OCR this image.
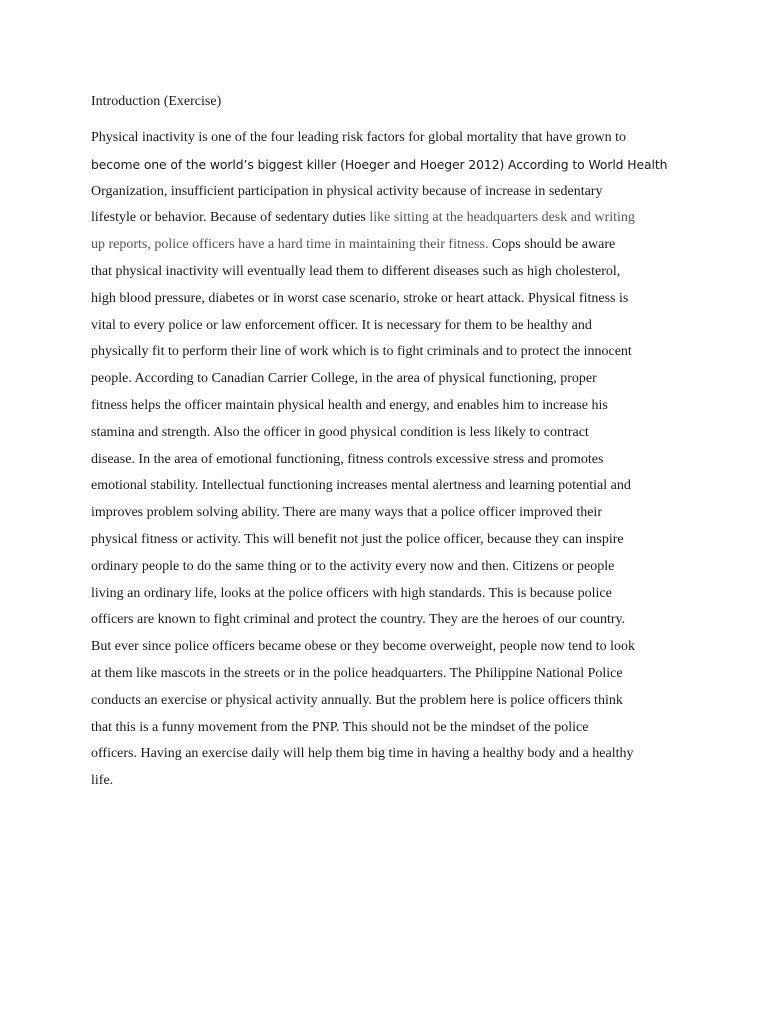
Introduction (Exercise)
Physical inactivity is one of the four leading risk factors for global mortality that have grown to
become one of the world’s biggest killer (Hoeger and Hoeger 2012) According to World Health
Organization, insufficient participation in physical activity because of increase in sedentary
lifestyle or behavior. Because of sedentary duties like sitting at the headquarters desk and writing
up reports, police officers have a hard time in maintaining their fitness. Cops should be aware
that physical inactivity will eventually lead them to different diseases such as high cholesterol,
high blood pressure, diabetes or in worst case scenario, stroke or heart attack. Physical fitness is
vital to every police or law enforcement officer. It is necessary for them to be healthy and
physically fit to perform their line of work which is to fight criminals and to protect the innocent
people. According to Canadian Carrier College, in the area of physical functioning, proper
fitness helps the officer maintain physical health and energy, and enables him to increase his
stamina and strength. Also the officer in good physical condition is less likely to contract
disease. In the area of emotional functioning, fitness controls excessive stress and promotes
emotional stability. Intellectual functioning increases mental alertness and learning potential and
improves problem solving ability. There are many ways that a police officer improved their
physical fitness or activity. This will benefit not just the police officer, because they can inspire
ordinary people to do the same thing or to the activity every now and then. Citizens or people
living an ordinary life, looks at the police officers with high standards. This is because police
officers are known to fight criminal and protect the country. They are the heroes of our country.
But ever since police officers became obese or they become overweight, people now tend to look
at them like mascots in the streets or in the police headquarters. The Philippine National Police
conducts an exercise or physical activity annually. But the problem here is police officers think
that this is a funny movement from the PNP. This should not be the mindset of the police
officers. Having an exercise daily will help them big time in having a healthy body and a healthy
life.
